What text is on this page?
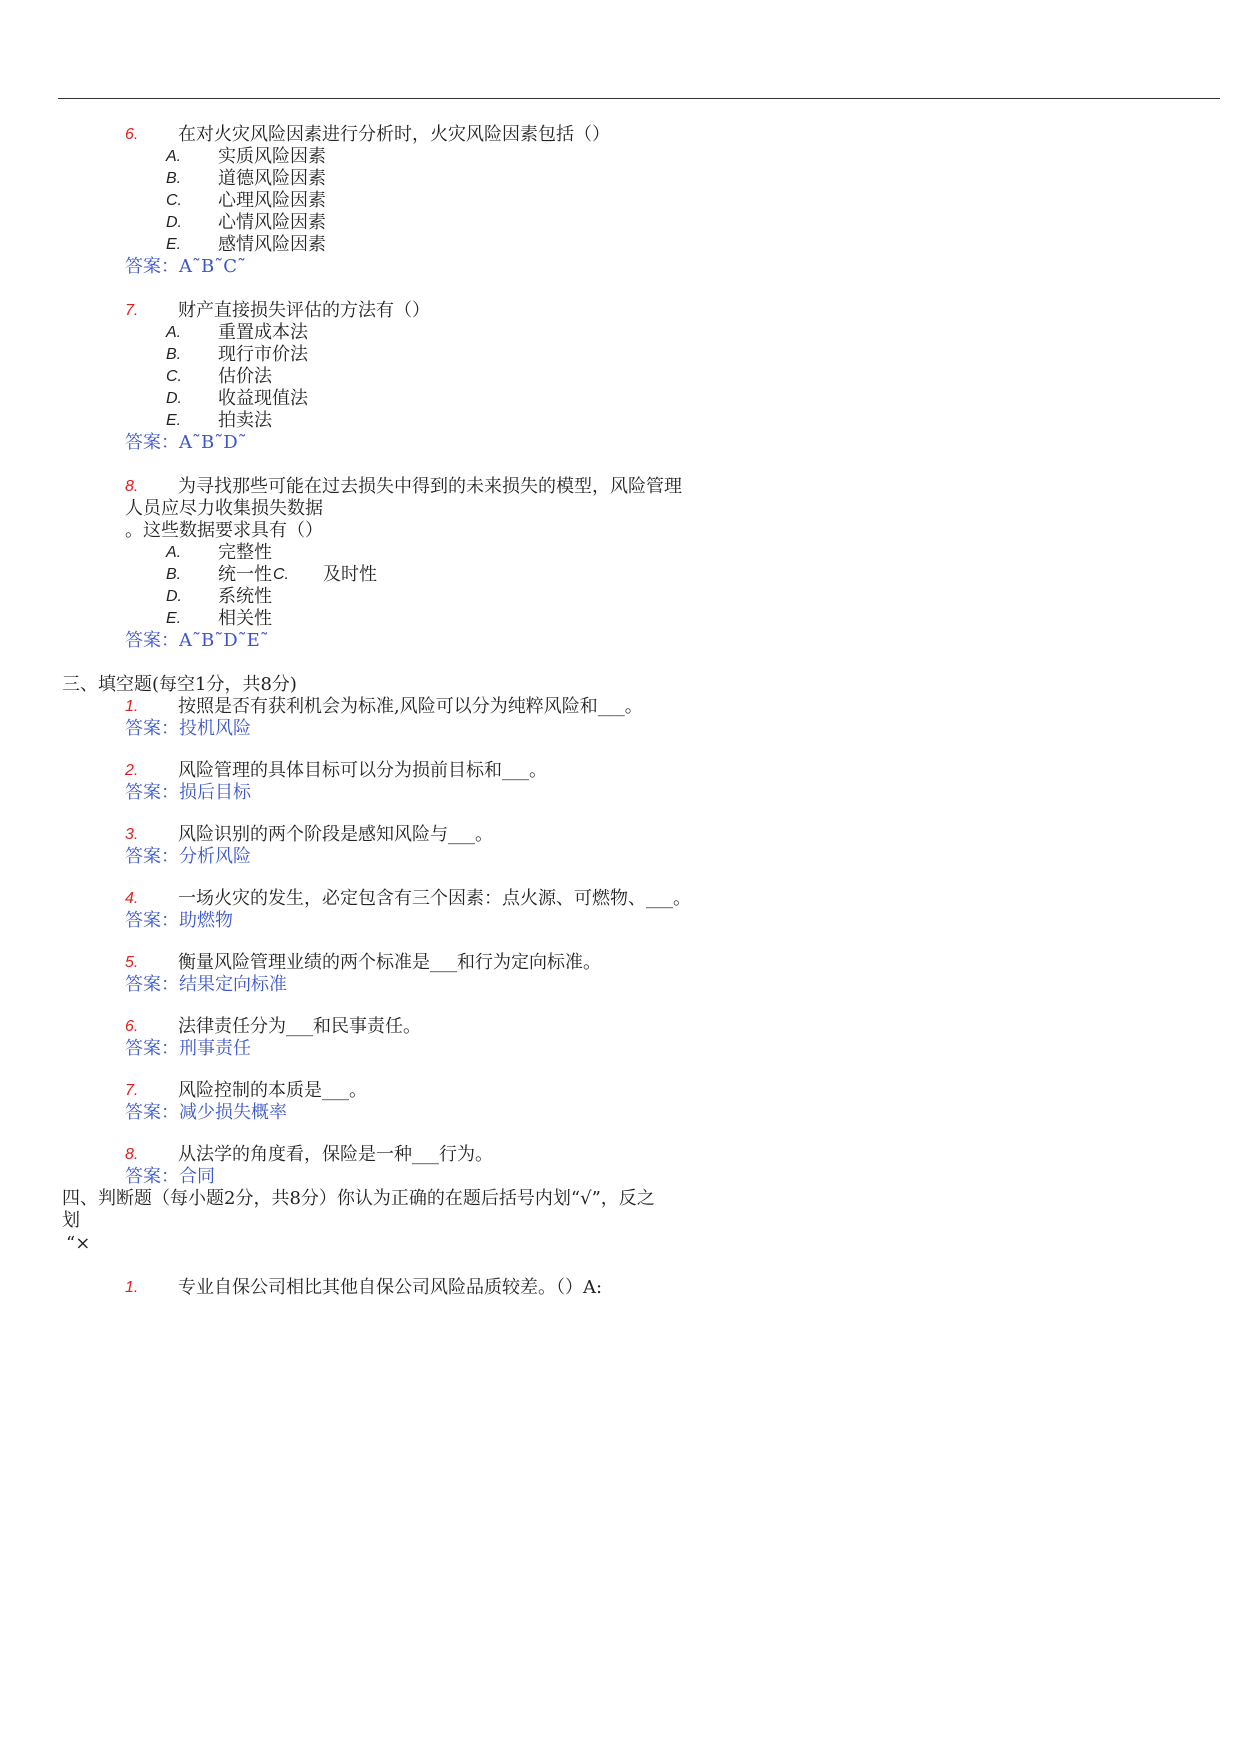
6. 在对火灾风险因素进行分析时，火灾风险因素包括（）
A. 实质风险因素
B. 道德风险因素
C. 心理风险因素
D. 心情风险因素
E. 感情风险因素
答案：A˜B˜C˜
7. 财产直接损失评估的方法有（）
A. 重置成本法
B. 现行市价法
C. 估价法
D. 收益现值法
E. 拍卖法
答案：A˜B˜D˜
8. 为寻找那些可能在过去损失中得到的未来损失的模型，风险管理
人员应尽力收集损失数据
。这些数据要求具有（）
A. 完整性
B. 统一性 C. 及时性
D. 系统性
E. 相关性
答案：A˜B˜D˜E˜
三、填空题(每空1分，共8分)
1. 按照是否有获利机会为标准,风险可以分为纯粹风险和___。
答案：投机风险
2. 风险管理的具体目标可以分为损前目标和___。
答案：损后目标
3. 风险识别的两个阶段是感知风险与___。
答案：分析风险
4. 一场火灾的发生，必定包含有三个因素：点火源、可燃物、___。
答案：助燃物
5. 衡量风险管理业绩的两个标准是___和行为定向标准。
答案：结果定向标准
6. 法律责任分为___和民事责任。
答案：刑事责任
7. 风险控制的本质是___。
答案：减少损失概率
8. 从法学的角度看，保险是一种___行为。
答案：合同
四、判断题（每小题2分，共8分）你认为正确的在题后括号内划“√”，反之
划
“×
1. 专业自保公司相比其他自保公司风险品质较差。（）A:
